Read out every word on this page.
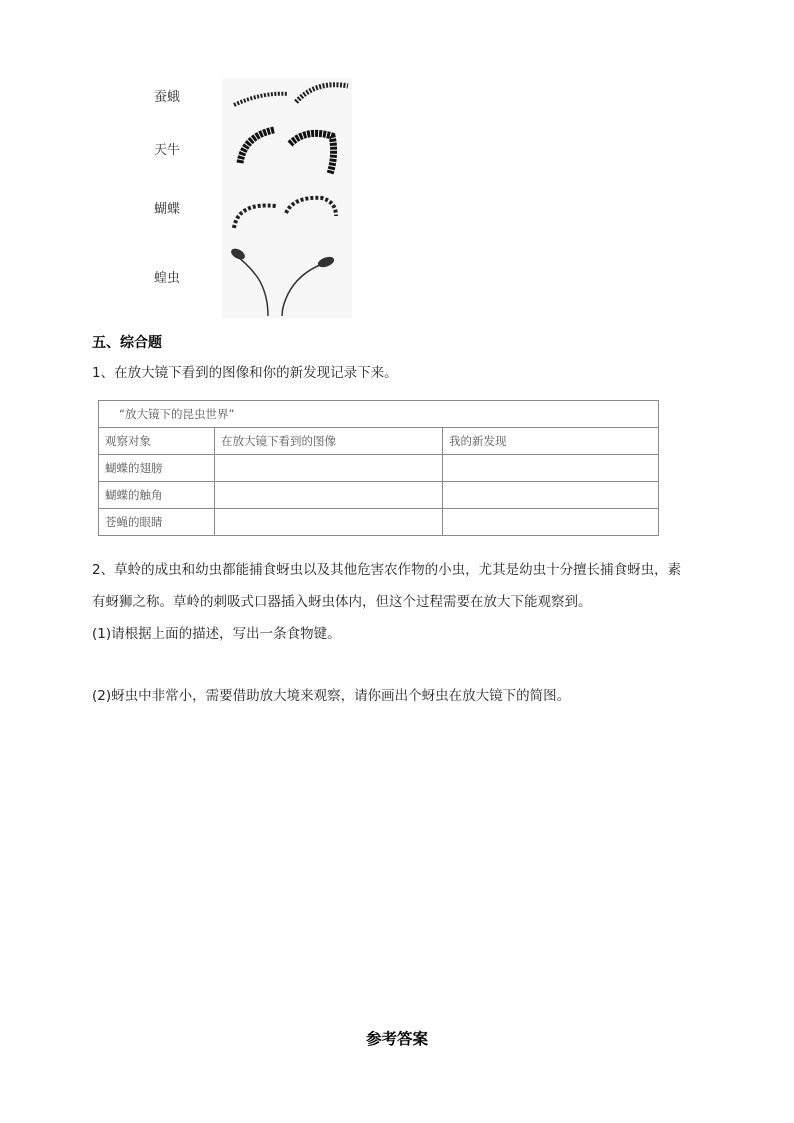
蚕蛾
天牛
蝴蝶
蝗虫
五、综合题
1、在放大镜下看到的图像和你的新发现记录下来。
“放大镜下的昆虫世界”		
观察对象	在放大镜下看到的图像	我的新发现
蝴蝶的翅膀		
蝴蝶的触角		
苍蝇的眼睛		
2、草蛉的成虫和幼虫都能捕食蚜虫以及其他危害农作物的小虫，尤其是幼虫十分擅长捕食蚜虫，素
有蚜狮之称。草岭的刺吸式口器插入蚜虫体内，但这个过程需要在放大下能观察到。
(1)请根据上面的描述，写出一条食物键。
(2)蚜虫中非常小，需要借助放大境来观察，请你画出个蚜虫在放大镜下的简图。
参考答案
